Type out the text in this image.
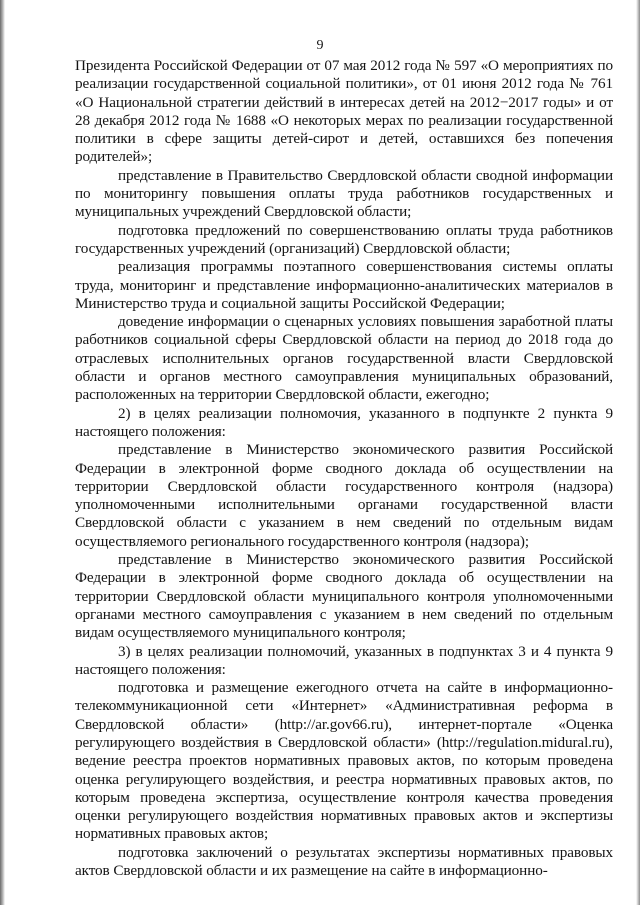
9

Президента Российской Федерации от 07 мая 2012 года № 597 «О мероприятиях по реализации государственной социальной политики», от 01 июня 2012 года № 761 «О Национальной стратегии действий в интересах детей на 2012−2017 годы» и от 28 декабря 2012 года № 1688 «О некоторых мерах по реализации государственной политики в сфере защиты детей-сирот и детей, оставшихся без попечения родителей»;

представление в Правительство Свердловской области сводной информации по мониторингу повышения оплаты труда работников государственных и муниципальных учреждений Свердловской области;

подготовка предложений по совершенствованию оплаты труда работников государственных учреждений (организаций) Свердловской области;

реализация программы поэтапного совершенствования системы оплаты труда, мониторинг и представление информационно-аналитических материалов в Министерство труда и социальной защиты Российской Федерации;

доведение информации о сценарных условиях повышения заработной платы работников социальной сферы Свердловской области на период до 2018 года до отраслевых исполнительных органов государственной власти Свердловской области и органов местного самоуправления муниципальных образований, расположенных на территории Свердловской области, ежегодно;

2) в целях реализации полномочия, указанного в подпункте 2 пункта 9 настоящего положения:

представление в Министерство экономического развития Российской Федерации в электронной форме сводного доклада об осуществлении на территории Свердловской области государственного контроля (надзора) уполномоченными исполнительными органами государственной власти Свердловской области с указанием в нем сведений по отдельным видам осуществляемого регионального государственного контроля (надзора);

представление в Министерство экономического развития Российской Федерации в электронной форме сводного доклада об осуществлении на территории Свердловской области муниципального контроля уполномоченными органами местного самоуправления с указанием в нем сведений по отдельным видам осуществляемого муниципального контроля;

3) в целях реализации полномочий, указанных в подпунктах 3 и 4 пункта 9 настоящего положения:

подготовка и размещение ежегодного отчета на сайте в информационно-телекоммуникационной сети «Интернет» «Административная реформа в Свердловской области» (http://ar.gov66.ru), интернет-портале «Оценка регулирующего воздействия в Свердловской области» (http://regulation.midural.ru), ведение реестра проектов нормативных правовых актов, по которым проведена оценка регулирующего воздействия, и реестра нормативных правовых актов, по которым проведена экспертиза, осуществление контроля качества проведения оценки регулирующего воздействия нормативных правовых актов и экспертизы нормативных правовых актов;

подготовка заключений о результатах экспертизы нормативных правовых актов Свердловской области и их размещение на сайте в информационно-
